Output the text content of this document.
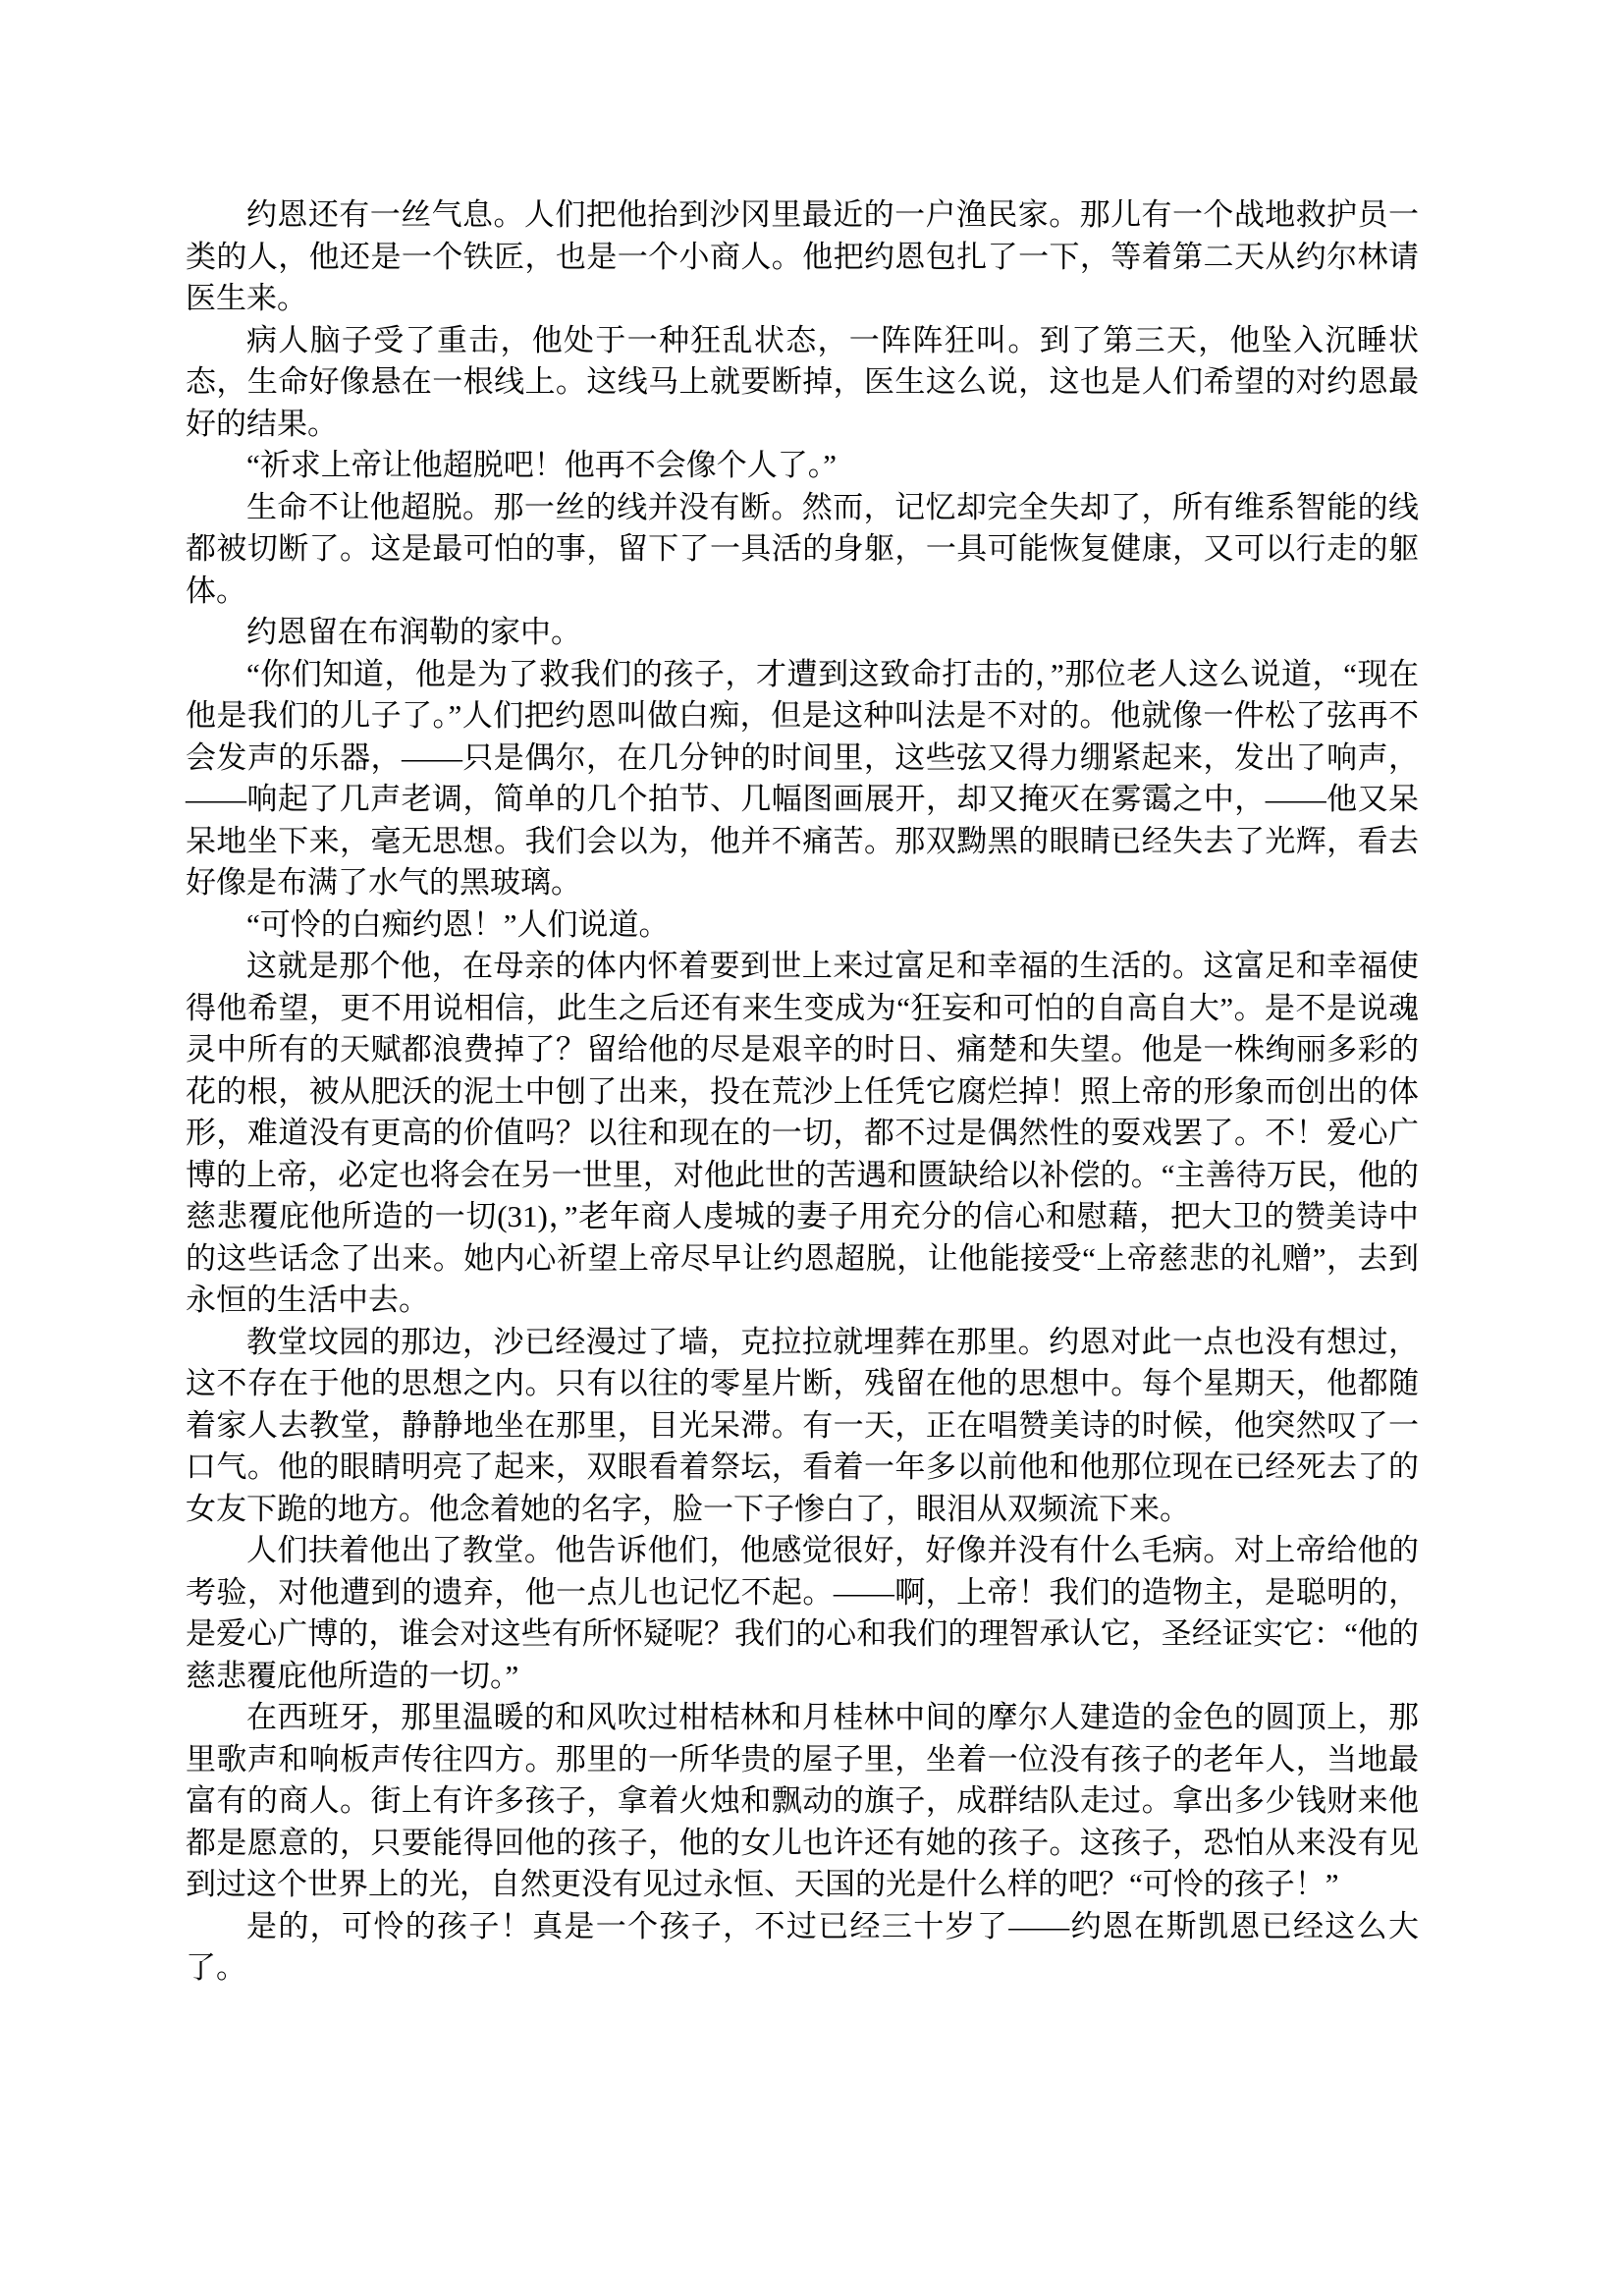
约恩还有一丝气息。人们把他抬到沙冈里最近的一户渔民家。那儿有一个战地救护员一类的人，他还是一个铁匠，也是一个小商人。他把约恩包扎了一下，等着第二天从约尔林请医生来。

病人脑子受了重击，他处于一种狂乱状态，一阵阵狂叫。到了第三天，他坠入沉睡状态，生命好像悬在一根线上。这线马上就要断掉，医生这么说，这也是人们希望的对约恩最好的结果。

“祈求上帝让他超脱吧！他再不会像个人了。”

生命不让他超脱。那一丝的线并没有断。然而，记忆却完全失却了，所有维系智能的线都被切断了。这是最可怕的事，留下了一具活的身躯，一具可能恢复健康，又可以行走的躯体。

约恩留在布润勒的家中。

“你们知道，他是为了救我们的孩子，才遭到这致命打击的，”那位老人这么说道，“现在他是我们的儿子了。”人们把约恩叫做白痴，但是这种叫法是不对的。他就像一件松了弦再不会发声的乐器，——只是偶尔，在几分钟的时间里，这些弦又得力绷紧起来，发出了响声，——响起了几声老调，简单的几个拍节、几幅图画展开，却又掩灭在雾霭之中，——他又呆呆地坐下来，毫无思想。我们会以为，他并不痛苦。那双黝黑的眼睛已经失去了光辉，看去好像是布满了水气的黑玻璃。

“可怜的白痴约恩！”人们说道。

这就是那个他，在母亲的体内怀着要到世上来过富足和幸福的生活的。这富足和幸福使得他希望，更不用说相信，此生之后还有来生变成为“狂妄和可怕的自高自大”。是不是说魂灵中所有的天赋都浪费掉了？留给他的尽是艰辛的时日、痛楚和失望。他是一株绚丽多彩的花的根，被从肥沃的泥土中刨了出来，投在荒沙上任凭它腐烂掉！照上帝的形象而创出的体形，难道没有更高的价值吗？以往和现在的一切，都不过是偶然性的耍戏罢了。不！爱心广博的上帝，必定也将会在另一世里，对他此世的苦遇和匮缺给以补偿的。“主善待万民，他的慈悲覆庇他所造的一切(31)，”老年商人虔城的妻子用充分的信心和慰藉，把大卫的赞美诗中的这些话念了出来。她内心祈望上帝尽早让约恩超脱，让他能接受“上帝慈悲的礼赠”，去到永恒的生活中去。

教堂坟园的那边，沙已经漫过了墙，克拉拉就埋葬在那里。约恩对此一点也没有想过，这不存在于他的思想之内。只有以往的零星片断，残留在他的思想中。每个星期天，他都随着家人去教堂，静静地坐在那里，目光呆滞。有一天，正在唱赞美诗的时候，他突然叹了一口气。他的眼睛明亮了起来，双眼看着祭坛，看着一年多以前他和他那位现在已经死去了的女友下跪的地方。他念着她的名字，脸一下子惨白了，眼泪从双频流下来。

人们扶着他出了教堂。他告诉他们，他感觉很好，好像并没有什么毛病。对上帝给他的考验，对他遭到的遗弃，他一点儿也记忆不起。——啊，上帝！我们的造物主，是聪明的，是爱心广博的，谁会对这些有所怀疑呢？我们的心和我们的理智承认它，圣经证实它：“他的慈悲覆庇他所造的一切。”

在西班牙，那里温暖的和风吹过柑桔林和月桂林中间的摩尔人建造的金色的圆顶上，那里歌声和响板声传往四方。那里的一所华贵的屋子里，坐着一位没有孩子的老年人，当地最富有的商人。街上有许多孩子，拿着火烛和飘动的旗子，成群结队走过。拿出多少钱财来他都是愿意的，只要能得回他的孩子，他的女儿也许还有她的孩子。这孩子，恐怕从来没有见到过这个世界上的光，自然更没有见过永恒、天国的光是什么样的吧？“可怜的孩子！”

是的，可怜的孩子！真是一个孩子，不过已经三十岁了——约恩在斯凯恩已经这么大了。
